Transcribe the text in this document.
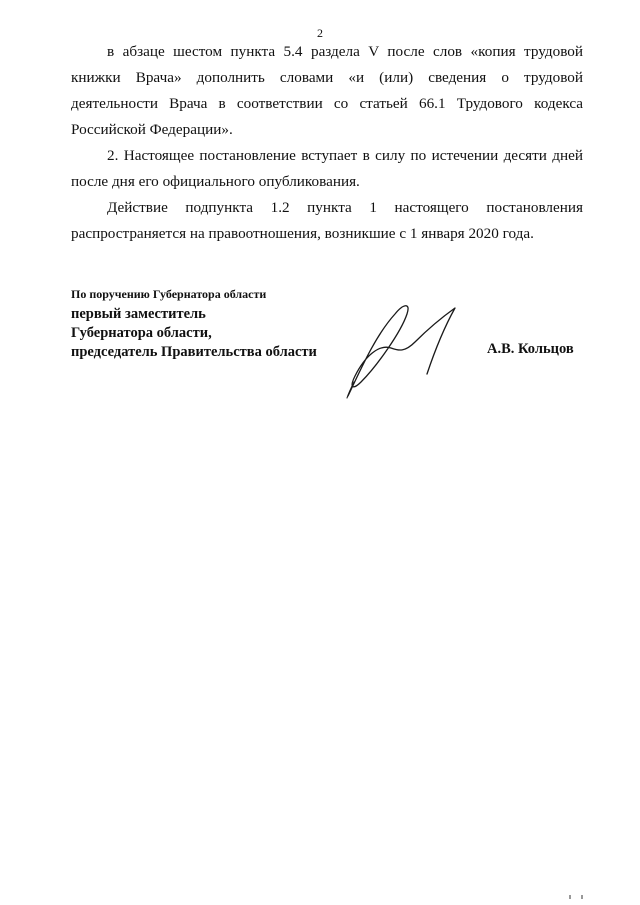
2

в абзаце шестом пункта 5.4 раздела V после слов «копия трудовой книжки Врача» дополнить словами «и (или) сведения о трудовой деятельности Врача в соответствии со статьей 66.1 Трудового кодекса Российской Федерации».

2. Настоящее постановление вступает в силу по истечении десяти дней после дня его официального опубликования.

Действие подпункта 1.2 пункта 1 настоящего постановления распространяется на правоотношения, возникшие с 1 января 2020 года.

По поручению Губернатора области
первый заместитель
Губернатора области,
председатель Правительства области	А.В. Кольцов
